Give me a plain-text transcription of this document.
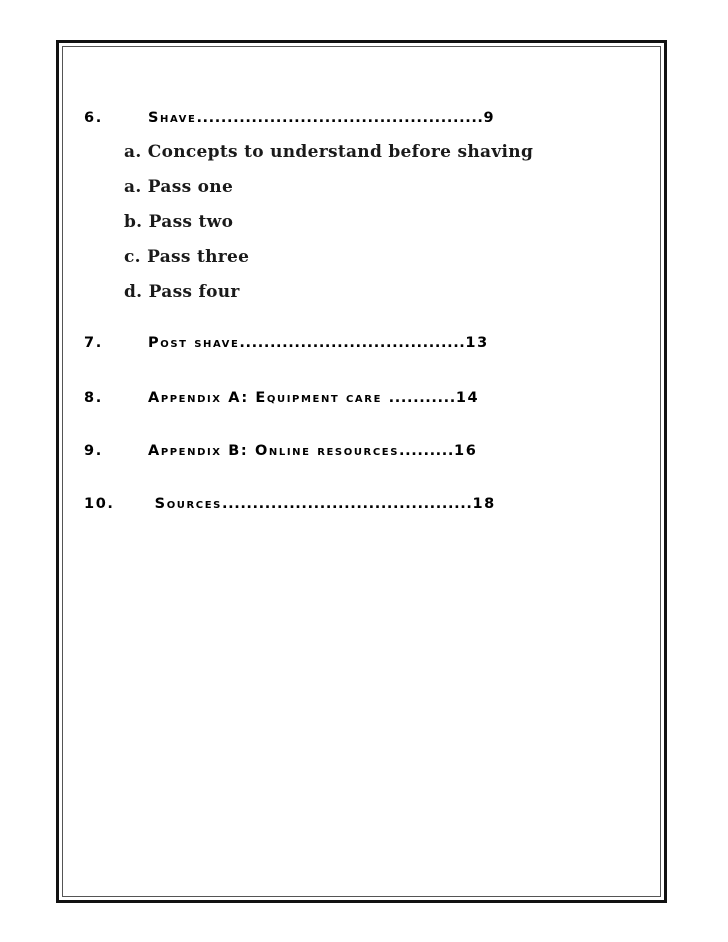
6.	Shave...............................................9
a. Concepts to understand before shaving
a. Pass one
b. Pass two
c. Pass three
d. Pass four
7.	Post shave.....................................13
8.	Appendix A: Equipment care ...........14
9.	Appendix B: Online resources.........16
10. Sources.........................................18
